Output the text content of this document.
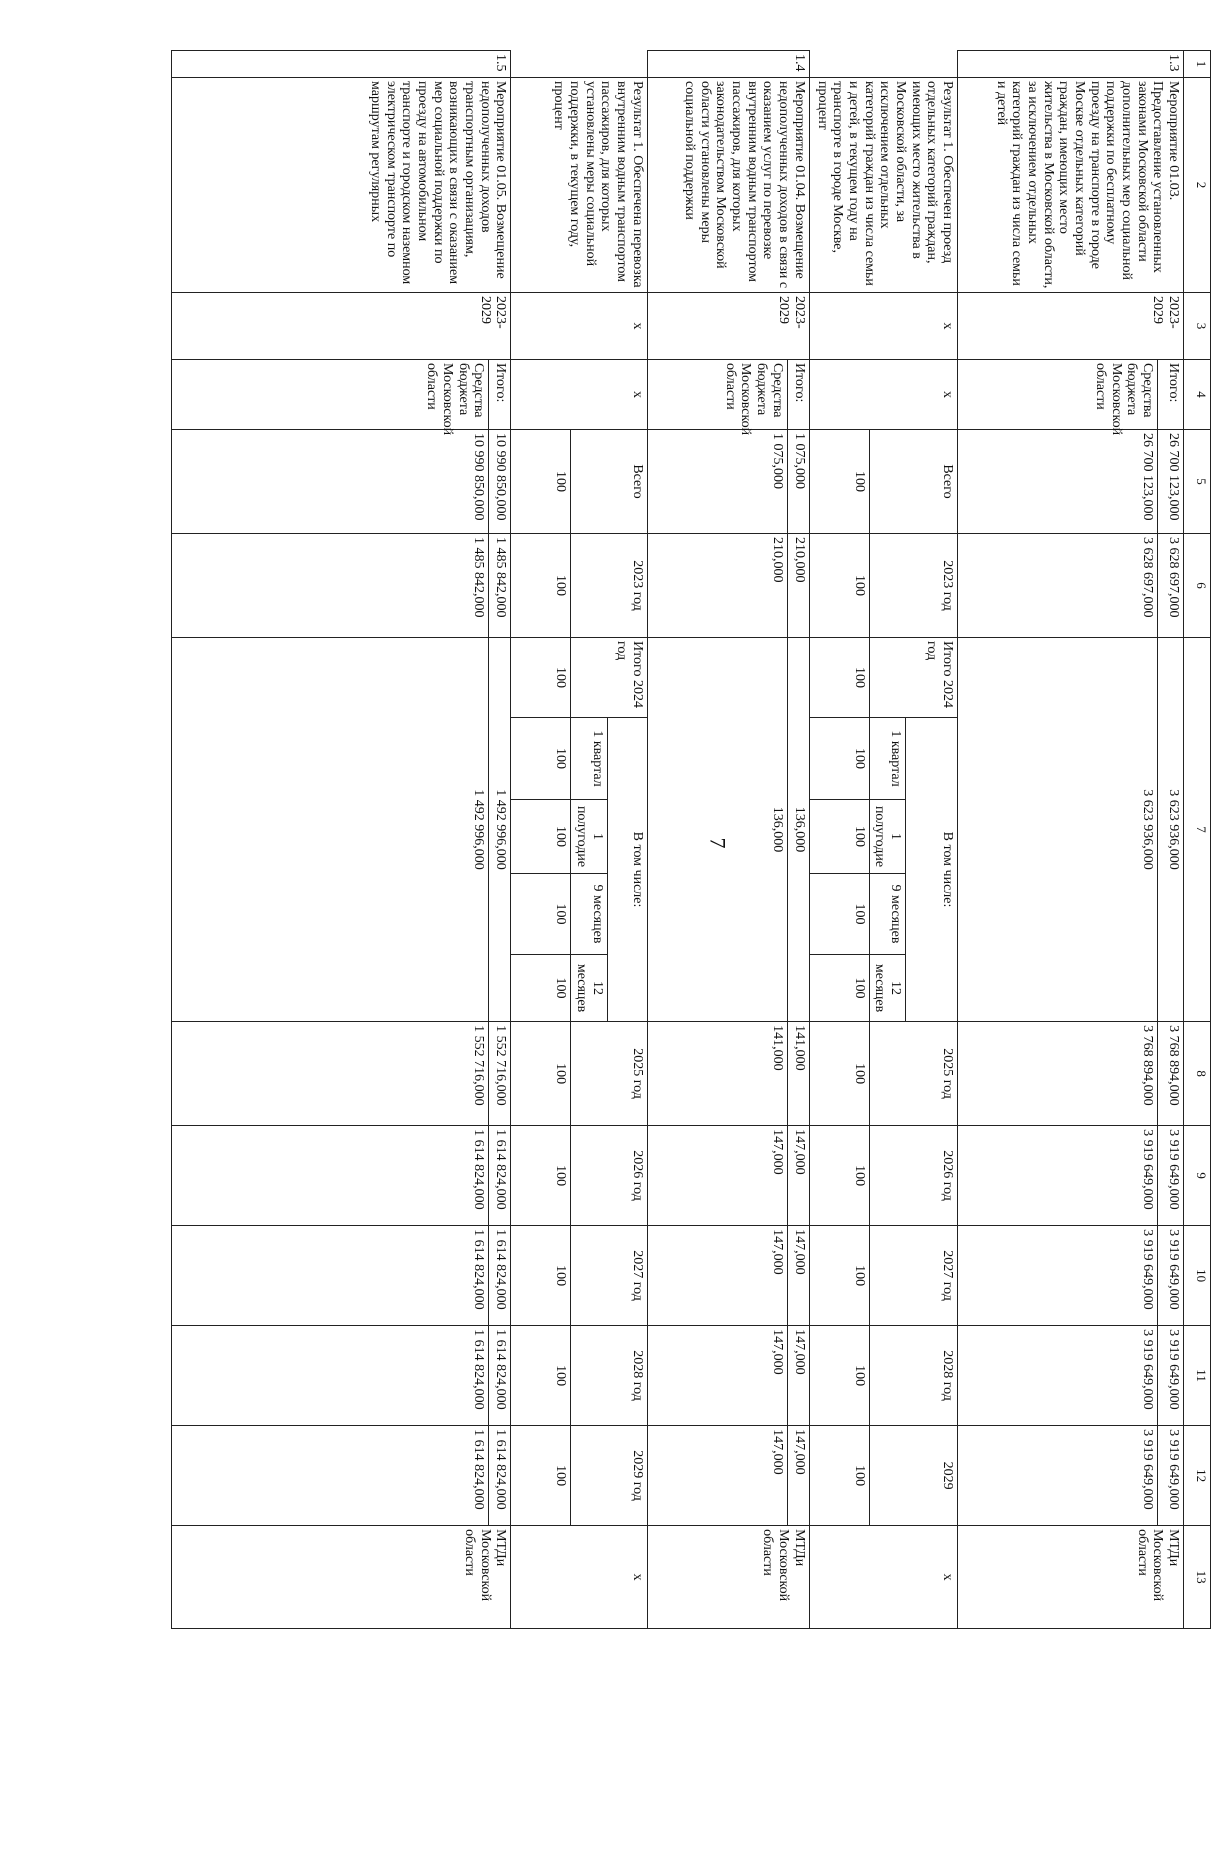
7
1	2	3	4	5	6	7					8	9	10	11	12	13
1.3	Мероприятие 01.03. Предоставление установленных законами Московской области дополнительных мер социальной поддержки по бесплатному проезду на транспорте в городе Москве отдельных категорий граждан, имеющих место жительства в Московской области, за исключением отдельных категорий граждан из числа семьи и детей	2023-2029	Итого:	26 700 123,000	3 628 697,000	3 623 936,000					3 768 894,000	3 919 649,000	3 919 649,000	3 919 649,000	3 919 649,000	МТДи Московской области
			Средства бюджета Московской области	26 700 123,000	3 628 697,000	3 623 936,000					3 768 894,000	3 919 649,000	3 919 649,000	3 919 649,000	3 919 649,000	
	Результат 1. Обеспечен проезд отдельных категорий граждан, имеющих место жительства в Московской области, за исключением отдельных категорий граждан из числа семьи и детей, в текущем году на транспорте в городе Москве, процент	х	х	Всего	2023 год	Итого 2024 год	В том числе:				2025 год	2026 год	2027 год	2028 год	2029	х
							1 квартал	1 полугодие	9 месяцев	12 месяцев						
				100	100	100	100	100	100	100	100	100	100	100	100	
1.4	Мероприятие 01.04. Возмещение недополученных доходов в связи с оказанием услуг по перевозке внутренним водным транспортом пассажиров, для которых законодательством Московской области установлены меры социальной поддержки	2023-2029	Итого:	1 075,000	210,000	136,000					141,000	147,000	147,000	147,000	147,000	МТДи Московской области
			Средства бюджета Московской области	1 075,000	210,000	136,000					141,000	147,000	147,000	147,000	147,000	
	Результат 1. Обеспечена перевозка внутренним водным транспортом пассажиров, для которых установлены меры социальной поддержки, в текущем году, процент	х	х	Всего	2023 год	Итого 2024 год	В том числе:				2025 год	2026 год	2027 год	2028 год	2029 год	х
							1 квартал	1 полугодие	9 месяцев	12 месяцев						
				100	100	100	100	100	100	100	100	100	100	100	100	
1.5	Мероприятие 01.05. Возмещение недополученных доходов транспортным организациям, возникающих в связи с оказанием мер социальной поддержки по проезду на автомобильном транспорте и городском наземном электрическом транспорте по маршрутам регулярных	2023-2029	Итого:	10 990 850,000	1 485 842,000	1 492 996,000					1 552 716,000	1 614 824,000	1 614 824,000	1 614 824,000	1 614 824,000	МТДи Московской области
			Средства бюджета Московской области	10 990 850,000	1 485 842,000	1 492 996,000					1 552 716,000	1 614 824,000	1 614 824,000	1 614 824,000	1 614 824,000	
